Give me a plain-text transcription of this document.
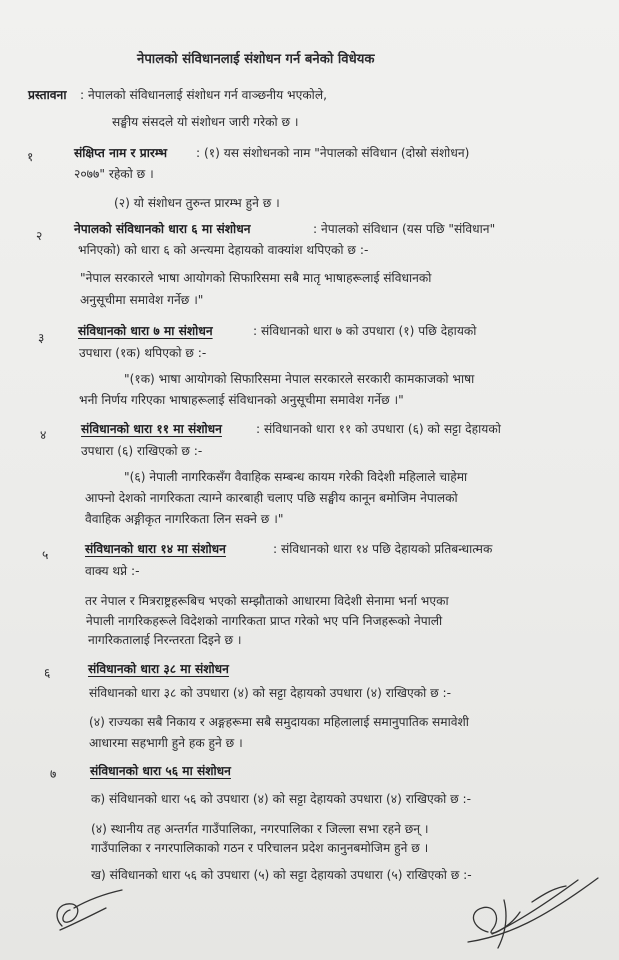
नेपालको संविधानलाई संशोधन गर्न बनेको विधेयक
प्रस्तावना : नेपालको संविधानलाई संशोधन गर्न वाञ्छनीय भएकोले,
सङ्घीय संसदले यो संशोधन जारी गरेको छ ।
१	संक्षिप्त नाम र प्रारम्भ : (१) यस संशोधनको नाम "नेपालको संविधान (दोस्रो संशोधन)
२०७७" रहेको छ ।
(२) यो संशोधन तुरुन्त प्रारम्भ हुने छ ।
२	नेपालको संविधानको धारा ६ मा संशोधन	: नेपालको संविधान (यस पछि "संविधान"
भनिएको) को धारा ६ को अन्त्यमा देहायको वाक्यांश थपिएको छ :-
"नेपाल सरकारले भाषा आयोगको सिफारिसमा सबै मातृ भाषाहरूलाई संविधानको
अनुसूचीमा समावेश गर्नेछ ।"
३	संविधानको धारा ७ मा संशोधन	: संविधानको धारा ७ को उपधारा (१) पछि देहायको
उपधारा (१क) थपिएको छ :-
"(१क) भाषा आयोगको सिफारिसमा नेपाल सरकारले सरकारी कामकाजको भाषा
भनी निर्णय गरिएका भाषाहरूलाई संविधानको अनुसूचीमा समावेश गर्नेछ ।"
४	संविधानको धारा ११ मा संशोधन	: संविधानको धारा ११ को उपधारा (६) को सट्टा देहायको
उपधारा (६) राखिएको छ :-
"(६) नेपाली नागरिकसँग वैवाहिक सम्बन्ध कायम गरेकी विदेशी महिलाले चाहेमा
आफ्नो देशको नागरिकता त्याग्ने कारबाही चलाए पछि सङ्घीय कानून बमोजिम नेपालको
वैवाहिक अङ्गीकृत नागरिकता लिन सक्ने छ ।"
५	संविधानको धारा १४ मा संशोधन	: संविधानको धारा १४ पछि देहायको प्रतिबन्धात्मक
वाक्य थप्ने :-
तर नेपाल र मित्रराष्ट्रहरूबिच भएको सम्झौताको आधारमा विदेशी सेनामा भर्ना भएका
नेपाली नागरिकहरूले विदेशको नागरिकता प्राप्त गरेको भए पनि निजहरूको नेपाली
नागरिकतालाई निरन्तरता दिइने छ ।
६	संविधानको धारा ३८ मा संशोधन
संविधानको धारा ३८ को उपधारा (४) को सट्टा देहायको उपधारा (४) राखिएको छ :-
(४) राज्यका सबै निकाय र अङ्गहरूमा सबै समुदायका महिलालाई समानुपातिक समावेशी
आधारमा सहभागी हुने हक हुने छ ।
७	संविधानको धारा ५६ मा संशोधन
क) संविधानको धारा ५६ को उपधारा (४) को सट्टा देहायको उपधारा (४) राखिएको छ :-
(४) स्थानीय तह अन्तर्गत गाउँपालिका, नगरपालिका र जिल्ला सभा रहने छन् ।
गाउँपालिका र नगरपालिकाको गठन र परिचालन प्रदेश कानुनबमोजिम हुने छ ।
ख) संविधानको धारा ५६ को उपधारा (५) को सट्टा देहायको उपधारा (५) राखिएको छ :-
